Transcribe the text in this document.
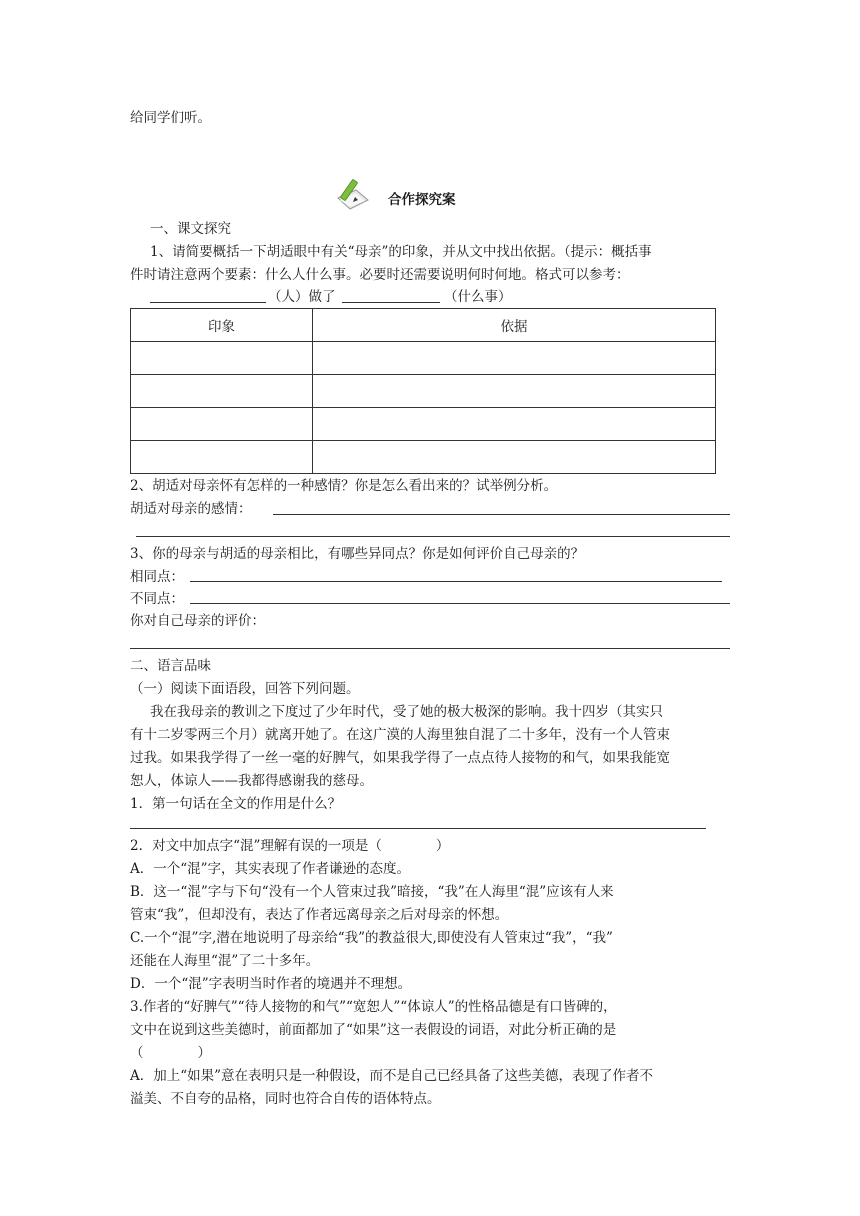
给同学们听。
合作探究案
一、课文探究
1、请简要概括一下胡适眼中有关“母亲”的印象，并从文中找出依据。（提示：概括事
件时请注意两个要素：什么人什么事。必要时还需要说明何时何地。格式可以参考：
（人）做了	（什么事）
印象	依据

2、胡适对母亲怀有怎样的一种感情？你是怎么看出来的？试举例分析。
胡适对母亲的感情：
3、你的母亲与胡适的母亲相比，有哪些异同点？你是如何评价自己母亲的？
相同点：
不同点：
你对自己母亲的评价：
二、语言品味
（一）阅读下面语段，回答下列问题。
我在我母亲的教训之下度过了少年时代，受了她的极大极深的影响。我十四岁（其实只
有十二岁零两三个月）就离开她了。在这广漠的人海里独自混了二十多年，没有一个人管束
过我。如果我学得了一丝一毫的好脾气，如果我学得了一点点待人接物的和气，如果我能宽
恕人，体谅人——我都得感谢我的慈母。
1．第一句话在全文的作用是什么？
2．对文中加点字“混”理解有误的一项是（　　　　）
A．一个“混”字，其实表现了作者谦逊的态度。
B．这一“混”字与下句“没有一个人管束过我”暗接，“我”在人海里“混”应该有人来
管束“我”，但却没有，表达了作者远离母亲之后对母亲的怀想。
C.一个“混”字,潜在地说明了母亲给“我”的教益很大,即使没有人管束过“我”，“我”
还能在人海里“混”了二十多年。
D．一个“混”字表明当时作者的境遇并不理想。
3.作者的“好脾气”“待人接物的和气”“宽恕人”“体谅人”的性格品德是有口皆碑的，
文中在说到这些美德时，前面都加了“如果”这一表假设的词语，对此分析正确的是
（　　　　）
A．加上“如果”意在表明只是一种假设，而不是自己已经具备了这些美德，表现了作者不
溢美、不自夸的品格，同时也符合自传的语体特点。
